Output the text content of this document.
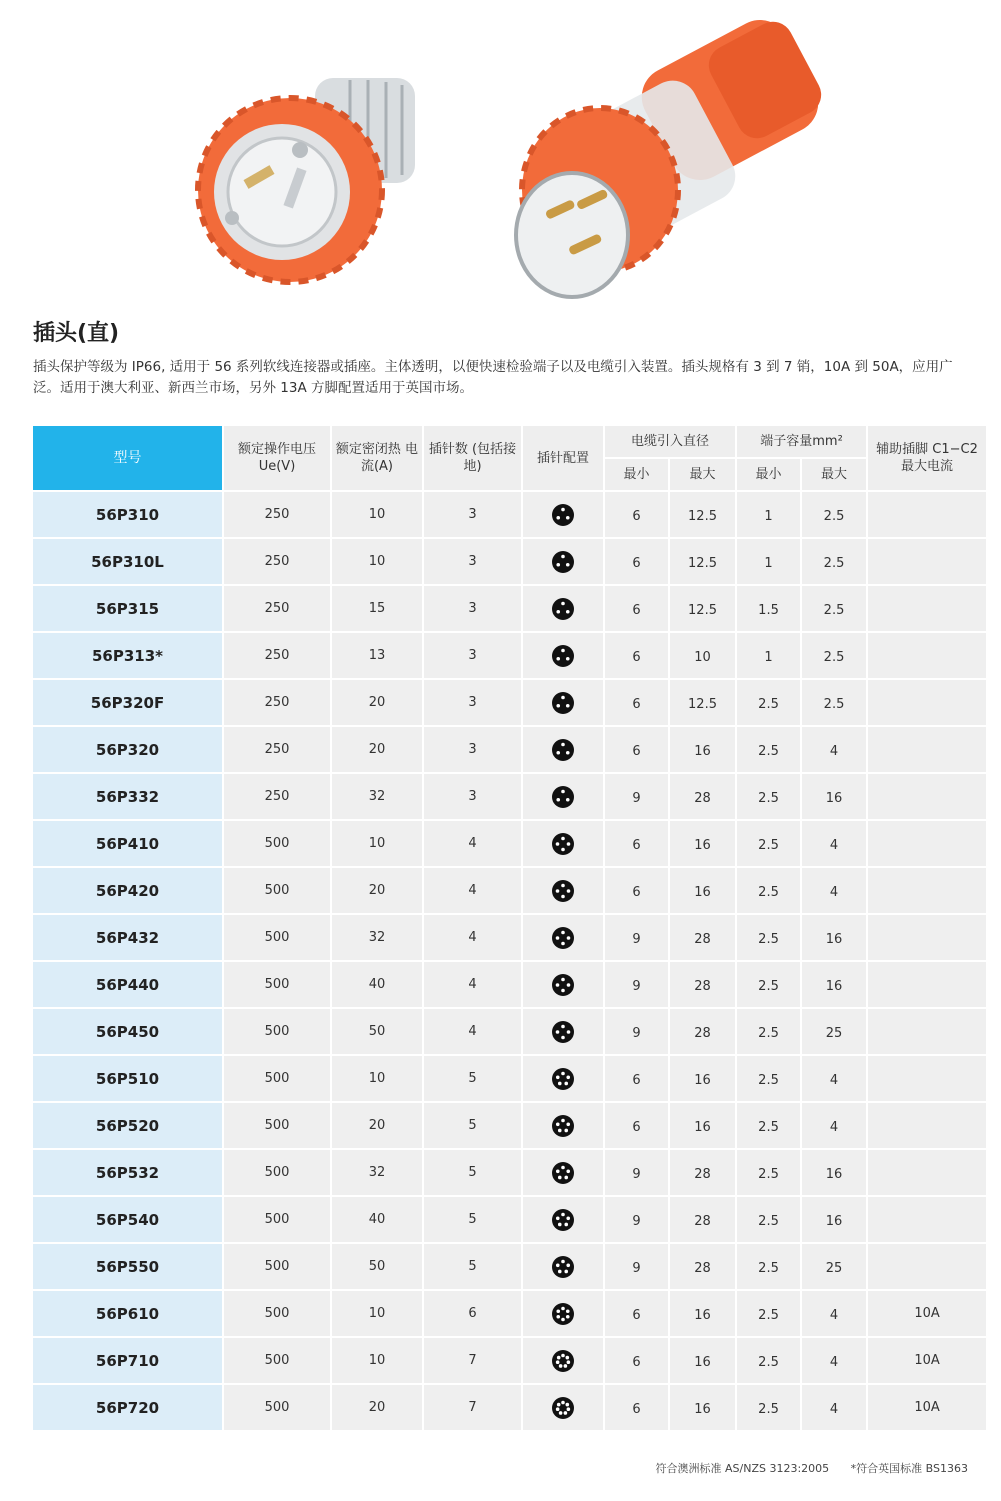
插头(直)
插头保护等级为 IP66, 适用于 56 系列软线连接器或插座。主体透明，以便快速检验端子以及电缆引入装置。插头规格有 3 到 7 销，10A 到 50A，应用广泛。适用于澳大利亚、新西兰市场，另外 13A 方脚配置适用于英国市场。
型号	额定操作电压 Ue(V)	额定密闭热 电流(A)	插针数 (包括接地)	插针配置	电缆引入直径		端子容量mm²		辅助插脚 C1−C2 最大电流
					最小	最大	最小	最大	
56P310	250	10	3		6	12.5	1	2.5	
56P310L	250	10	3		6	12.5	1	2.5	
56P315	250	15	3		6	12.5	1.5	2.5	
56P313*	250	13	3		6	10	1	2.5	
56P320F	250	20	3		6	12.5	2.5	2.5	
56P320	250	20	3		6	16	2.5	4	
56P332	250	32	3		9	28	2.5	16	
56P410	500	10	4		6	16	2.5	4	
56P420	500	20	4		6	16	2.5	4	
56P432	500	32	4		9	28	2.5	16	
56P440	500	40	4		9	28	2.5	16	
56P450	500	50	4		9	28	2.5	25	
56P510	500	10	5		6	16	2.5	4	
56P520	500	20	5		6	16	2.5	4	
56P532	500	32	5		9	28	2.5	16	
56P540	500	40	5		9	28	2.5	16	
56P550	500	50	5		9	28	2.5	25	
56P610	500	10	6		6	16	2.5	4	10A
56P710	500	10	7		6	16	2.5	4	10A
56P720	500	20	7		6	16	2.5	4	10A
符合澳洲标准 AS/NZS 3123:2005 *符合英国标准 BS1363
